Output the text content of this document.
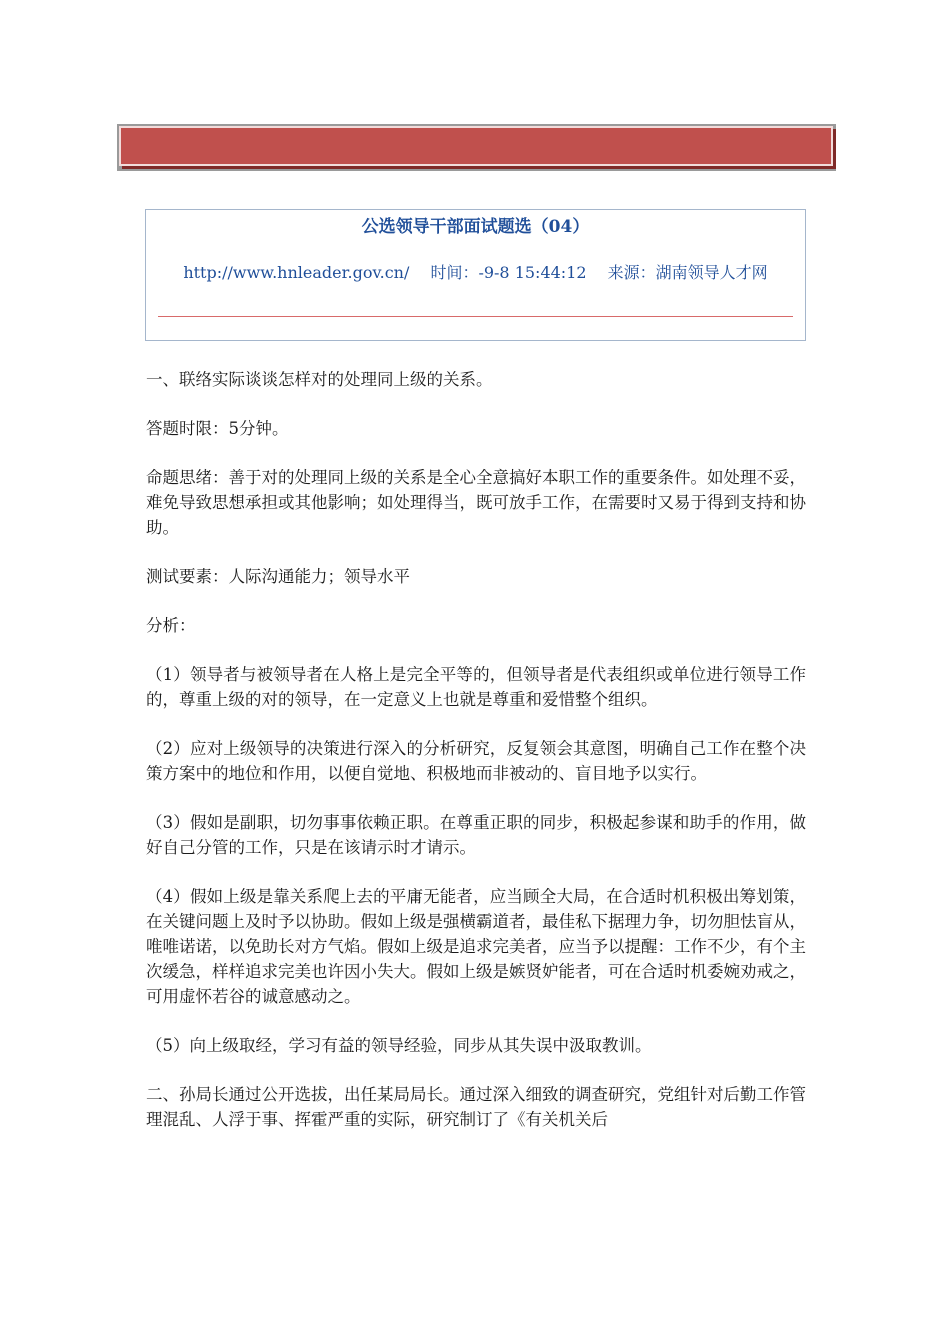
公选领导干部面试题选（04）
http://www.hnleader.gov.cn/ 时间：-9-8 15:44:12 来源：湖南领导人才网

一、联络实际谈谈怎样对的处理同上级的关系。

答题时限：5分钟。

命题思绪：善于对的处理同上级的关系是全心全意搞好本职工作的重要条件。如处理不妥，难免导致思想承担或其他影响；如处理得当，既可放手工作，在需要时又易于得到支持和协助。

测试要素：人际沟通能力；领导水平

分析：

（1）领导者与被领导者在人格上是完全平等的，但领导者是代表组织或单位进行领导工作的，尊重上级的对的领导，在一定意义上也就是尊重和爱惜整个组织。

（2）应对上级领导的决策进行深入的分析研究，反复领会其意图，明确自己工作在整个决策方案中的地位和作用，以便自觉地、积极地而非被动的、盲目地予以实行。

（3）假如是副职，切勿事事依赖正职。在尊重正职的同步，积极起参谋和助手的作用，做好自己分管的工作，只是在该请示时才请示。

（4）假如上级是靠关系爬上去的平庸无能者，应当顾全大局，在合适时机积极出筹划策，在关键问题上及时予以协助。假如上级是强横霸道者，最佳私下据理力争，切勿胆怯盲从，唯唯诺诺，以免助长对方气焰。假如上级是追求完美者，应当予以提醒：工作不少，有个主次缓急，样样追求完美也许因小失大。假如上级是嫉贤妒能者，可在合适时机委婉劝戒之，可用虚怀若谷的诚意感动之。

（5）向上级取经，学习有益的领导经验，同步从其失误中汲取教训。

二、孙局长通过公开选拔，出任某局局长。通过深入细致的调查研究，党组针对后勤工作管理混乱、人浮于事、挥霍严重的实际，研究制订了《有关机关后
